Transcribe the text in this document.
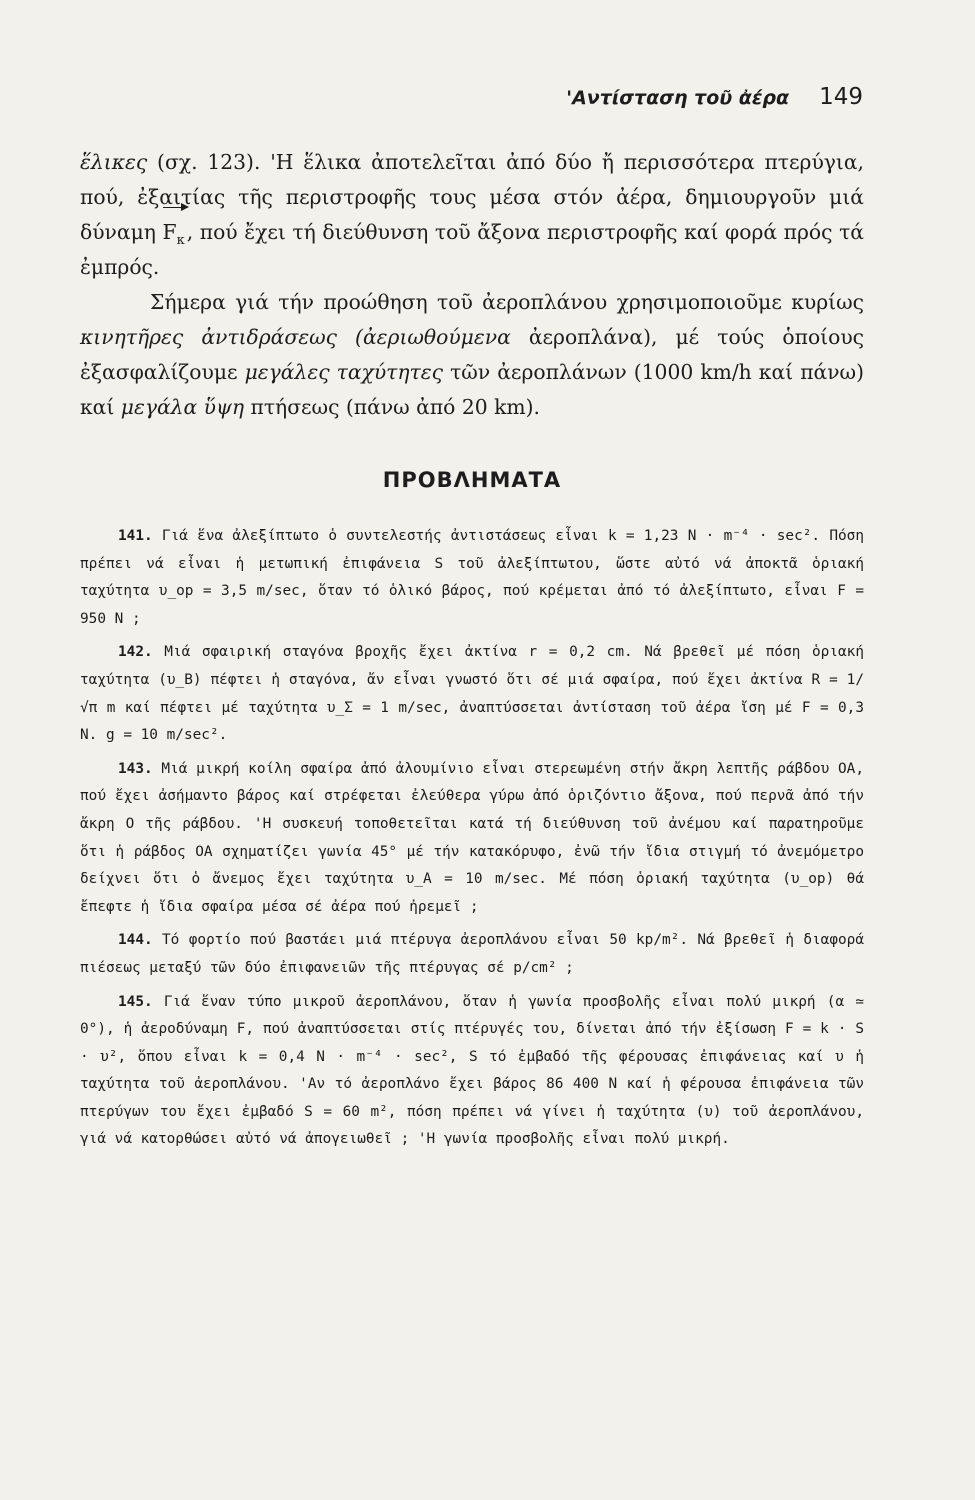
'Αντίσταση τοῦ ἀέρα 149

ἕλικες (σχ. 123). 'Η ἕλικα ἀποτελεῖται ἀπό δύο ἤ περισσότερα πτερύγια, πού, ἐξαιτίας τῆς περιστροφῆς τους μέσα στόν ἀέρα, δημιουργοῦν μιά δύναμη $F_\kappa$, πού ἔχει τή διεύθυνση τοῦ ἄξονα περιστροφῆς καί φορά πρός τά ἐμπρός.

Σήμερα γιά τήν προώθηση τοῦ ἀεροπλάνου χρησιμοποιοῦμε κυρίως κινητῆρες ἀντιδράσεως (ἀεριωθούμενα ἀεροπλάνα), μέ τούς ὁποίους ἐξασφαλίζουμε μεγάλες ταχύτητες τῶν ἀεροπλάνων (1000 km/h καί πάνω) καί μεγάλα ὕψη πτήσεως (πάνω ἀπό 20 km).

ΠΡΟΒΛΗΜΑΤΑ

141. Γιά ἕνα ἀλεξίπτωτο ὁ συντελεστής ἀντιστάσεως εἶναι k = 1,23 N · m⁻⁴ · sec². Πόση πρέπει νά εἶναι ἡ μετωπική ἐπιφάνεια S τοῦ ἀλεξίπτωτου, ὥστε αὐτό νά ἀποκτᾶ ὁριακή ταχύτητα υ_op = 3,5 m/sec, ὅταν τό ὁλικό βάρος, πού κρέμεται ἀπό τό ἀλεξίπτωτο, εἶναι F = 950 N ;

142. Μιά σφαιρική σταγόνα βροχῆς ἔχει ἀκτίνα r = 0,2 cm. Νά βρεθεῖ μέ πόση ὁριακή ταχύτητα (υ_B) πέφτει ἡ σταγόνα, ἄν εἶναι γνωστό ὅτι σέ μιά σφαίρα, πού ἔχει ἀκτίνα R = 1/√π m καί πέφτει μέ ταχύτητα υ_Σ = 1 m/sec, ἀναπτύσσεται ἀντίσταση τοῦ ἀέρα ἴση μέ F = 0,3 N. g = 10 m/sec².

143. Μιά μικρή κοίλη σφαίρα ἀπό ἀλουμίνιο εἶναι στερεωμένη στήν ἄκρη λεπτῆς ράβδου ΟΑ, πού ἔχει ἀσήμαντο βάρος καί στρέφεται ἐλεύθερα γύρω ἀπό ὁριζόντιο ἄξονα, πού περνᾶ ἀπό τήν ἄκρη Ο τῆς ράβδου. 'Η συσκευή τοποθετεῖται κατά τή διεύθυνση τοῦ ἀνέμου καί παρατηροῦμε ὅτι ἡ ράβδος ΟΑ σχηματίζει γωνία 45° μέ τήν κατακόρυφο, ἐνῶ τήν ἴδια στιγμή τό ἀνεμόμετρο δείχνει ὅτι ὁ ἄνεμος ἔχει ταχύτητα υ_A = 10 m/sec. Μέ πόση ὁριακή ταχύτητα (υ_op) θά ἔπεφτε ἡ ἴδια σφαίρα μέσα σέ ἀέρα πού ἠρεμεῖ ;

144. Τό φορτίο πού βαστάει μιά πτέρυγα ἀεροπλάνου εἶναι 50 kp/m². Νά βρεθεῖ ἡ διαφορά πιέσεως μεταξύ τῶν δύο ἐπιφανειῶν τῆς πτέρυγας σέ p/cm² ;

145. Γιά ἕναν τύπο μικροῦ ἀεροπλάνου, ὅταν ἡ γωνία προσβολῆς εἶναι πολύ μικρή (α ≃ 0°), ἡ ἀεροδύναμη F, πού ἀναπτύσσεται στίς πτέρυγές του, δίνεται ἀπό τήν ἐξίσωση F = k · S · υ², ὅπου εἶναι k = 0,4 N · m⁻⁴ · sec², S τό ἐμβαδό τῆς φέρουσας ἐπιφάνειας καί υ ἡ ταχύτητα τοῦ ἀεροπλάνου. 'Αν τό ἀεροπλάνο ἔχει βάρος 86 400 N καί ἡ φέρουσα ἐπιφάνεια τῶν πτερύγων του ἔχει ἐμβαδό S = 60 m², πόση πρέπει νά γίνει ἡ ταχύτητα (υ) τοῦ ἀεροπλάνου, γιά νά κατορθώσει αὐτό νά ἀπογειωθεῖ ; 'Η γωνία προσβολῆς εἶναι πολύ μικρή.
